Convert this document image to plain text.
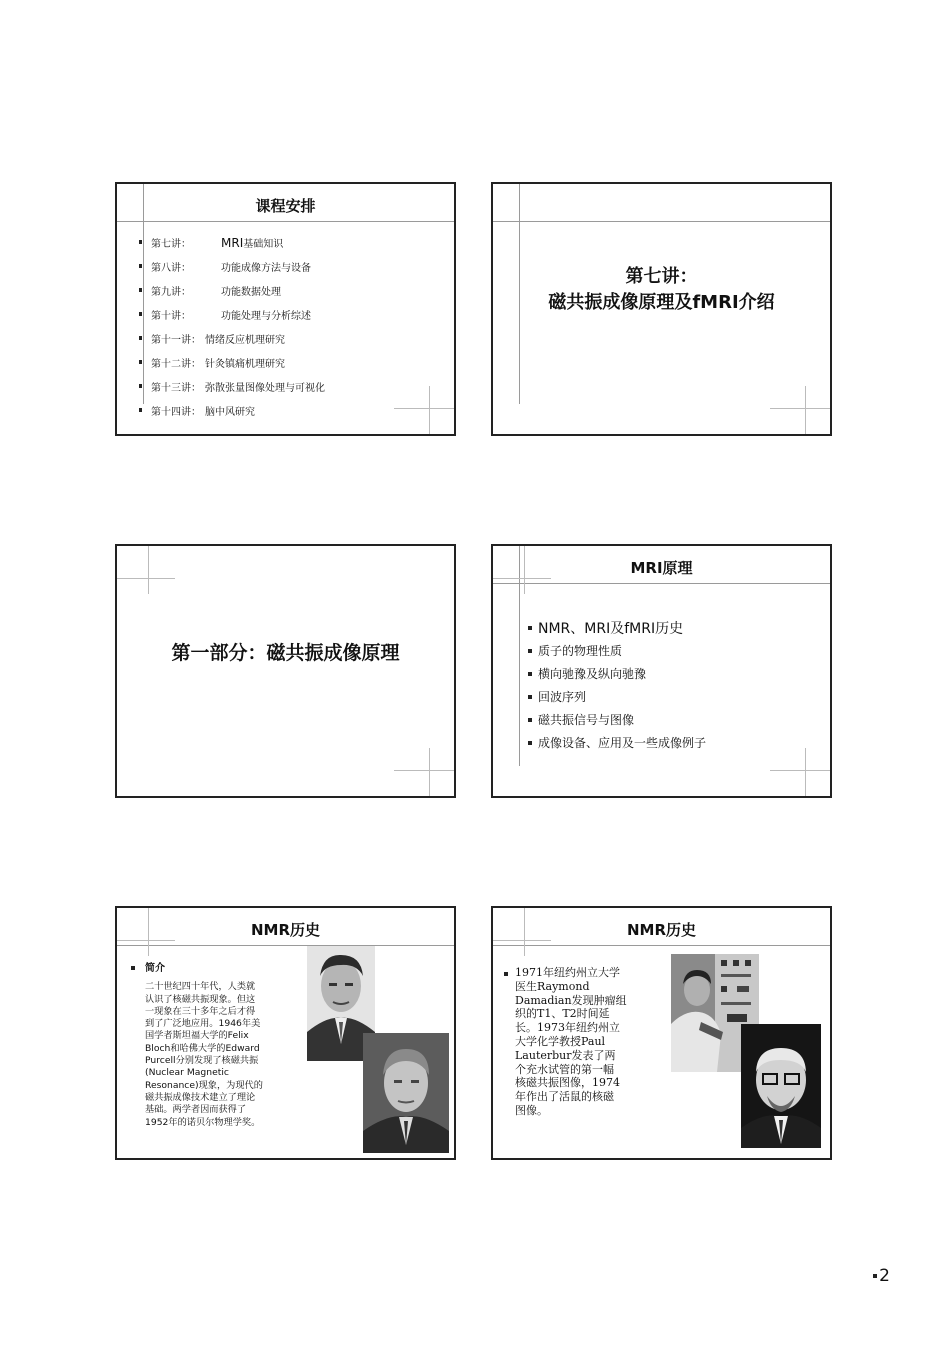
课程安排
第七讲：	MRI基础知识
第八讲：	功能成像方法与设备
第九讲：	功能数据处理
第十讲：	功能处理与分析综述
第十一讲： 情绪反应机理研究
第十二讲： 针灸镇痛机理研究
第十三讲： 弥散张量图像处理与可视化
第十四讲： 脑中风研究
第七讲：
磁共振成像原理及fMRI介绍
第一部分：磁共振成像原理
MRI原理
NMR、MRI及fMRI历史
质子的物理性质
横向驰豫及纵向驰豫
回波序列
磁共振信号与图像
成像设备、应用及一些成像例子
NMR历史
简介
二十世纪四十年代，人类就
认识了核磁共振现象。但这
一现象在三十多年之后才得
到了广泛地应用。1946年美
国学者斯坦福大学的Felix
Bloch和哈佛大学的Edward
Purcell分别发现了核磁共振
(Nuclear Magnetic
Resonance)现象，为现代的
磁共振成像技术建立了理论
基础。两学者因而获得了
1952年的诺贝尔物理学奖。
NMR历史
1971年纽约州立大学
医生Raymond
Damadian发现肿瘤组
织的T1、T2时间延
长。1973年纽约州立
大学化学教授Paul
Lauterbur发表了两
个充水试管的第一幅
核磁共振图像，1974
年作出了活鼠的核磁
图像。
2
